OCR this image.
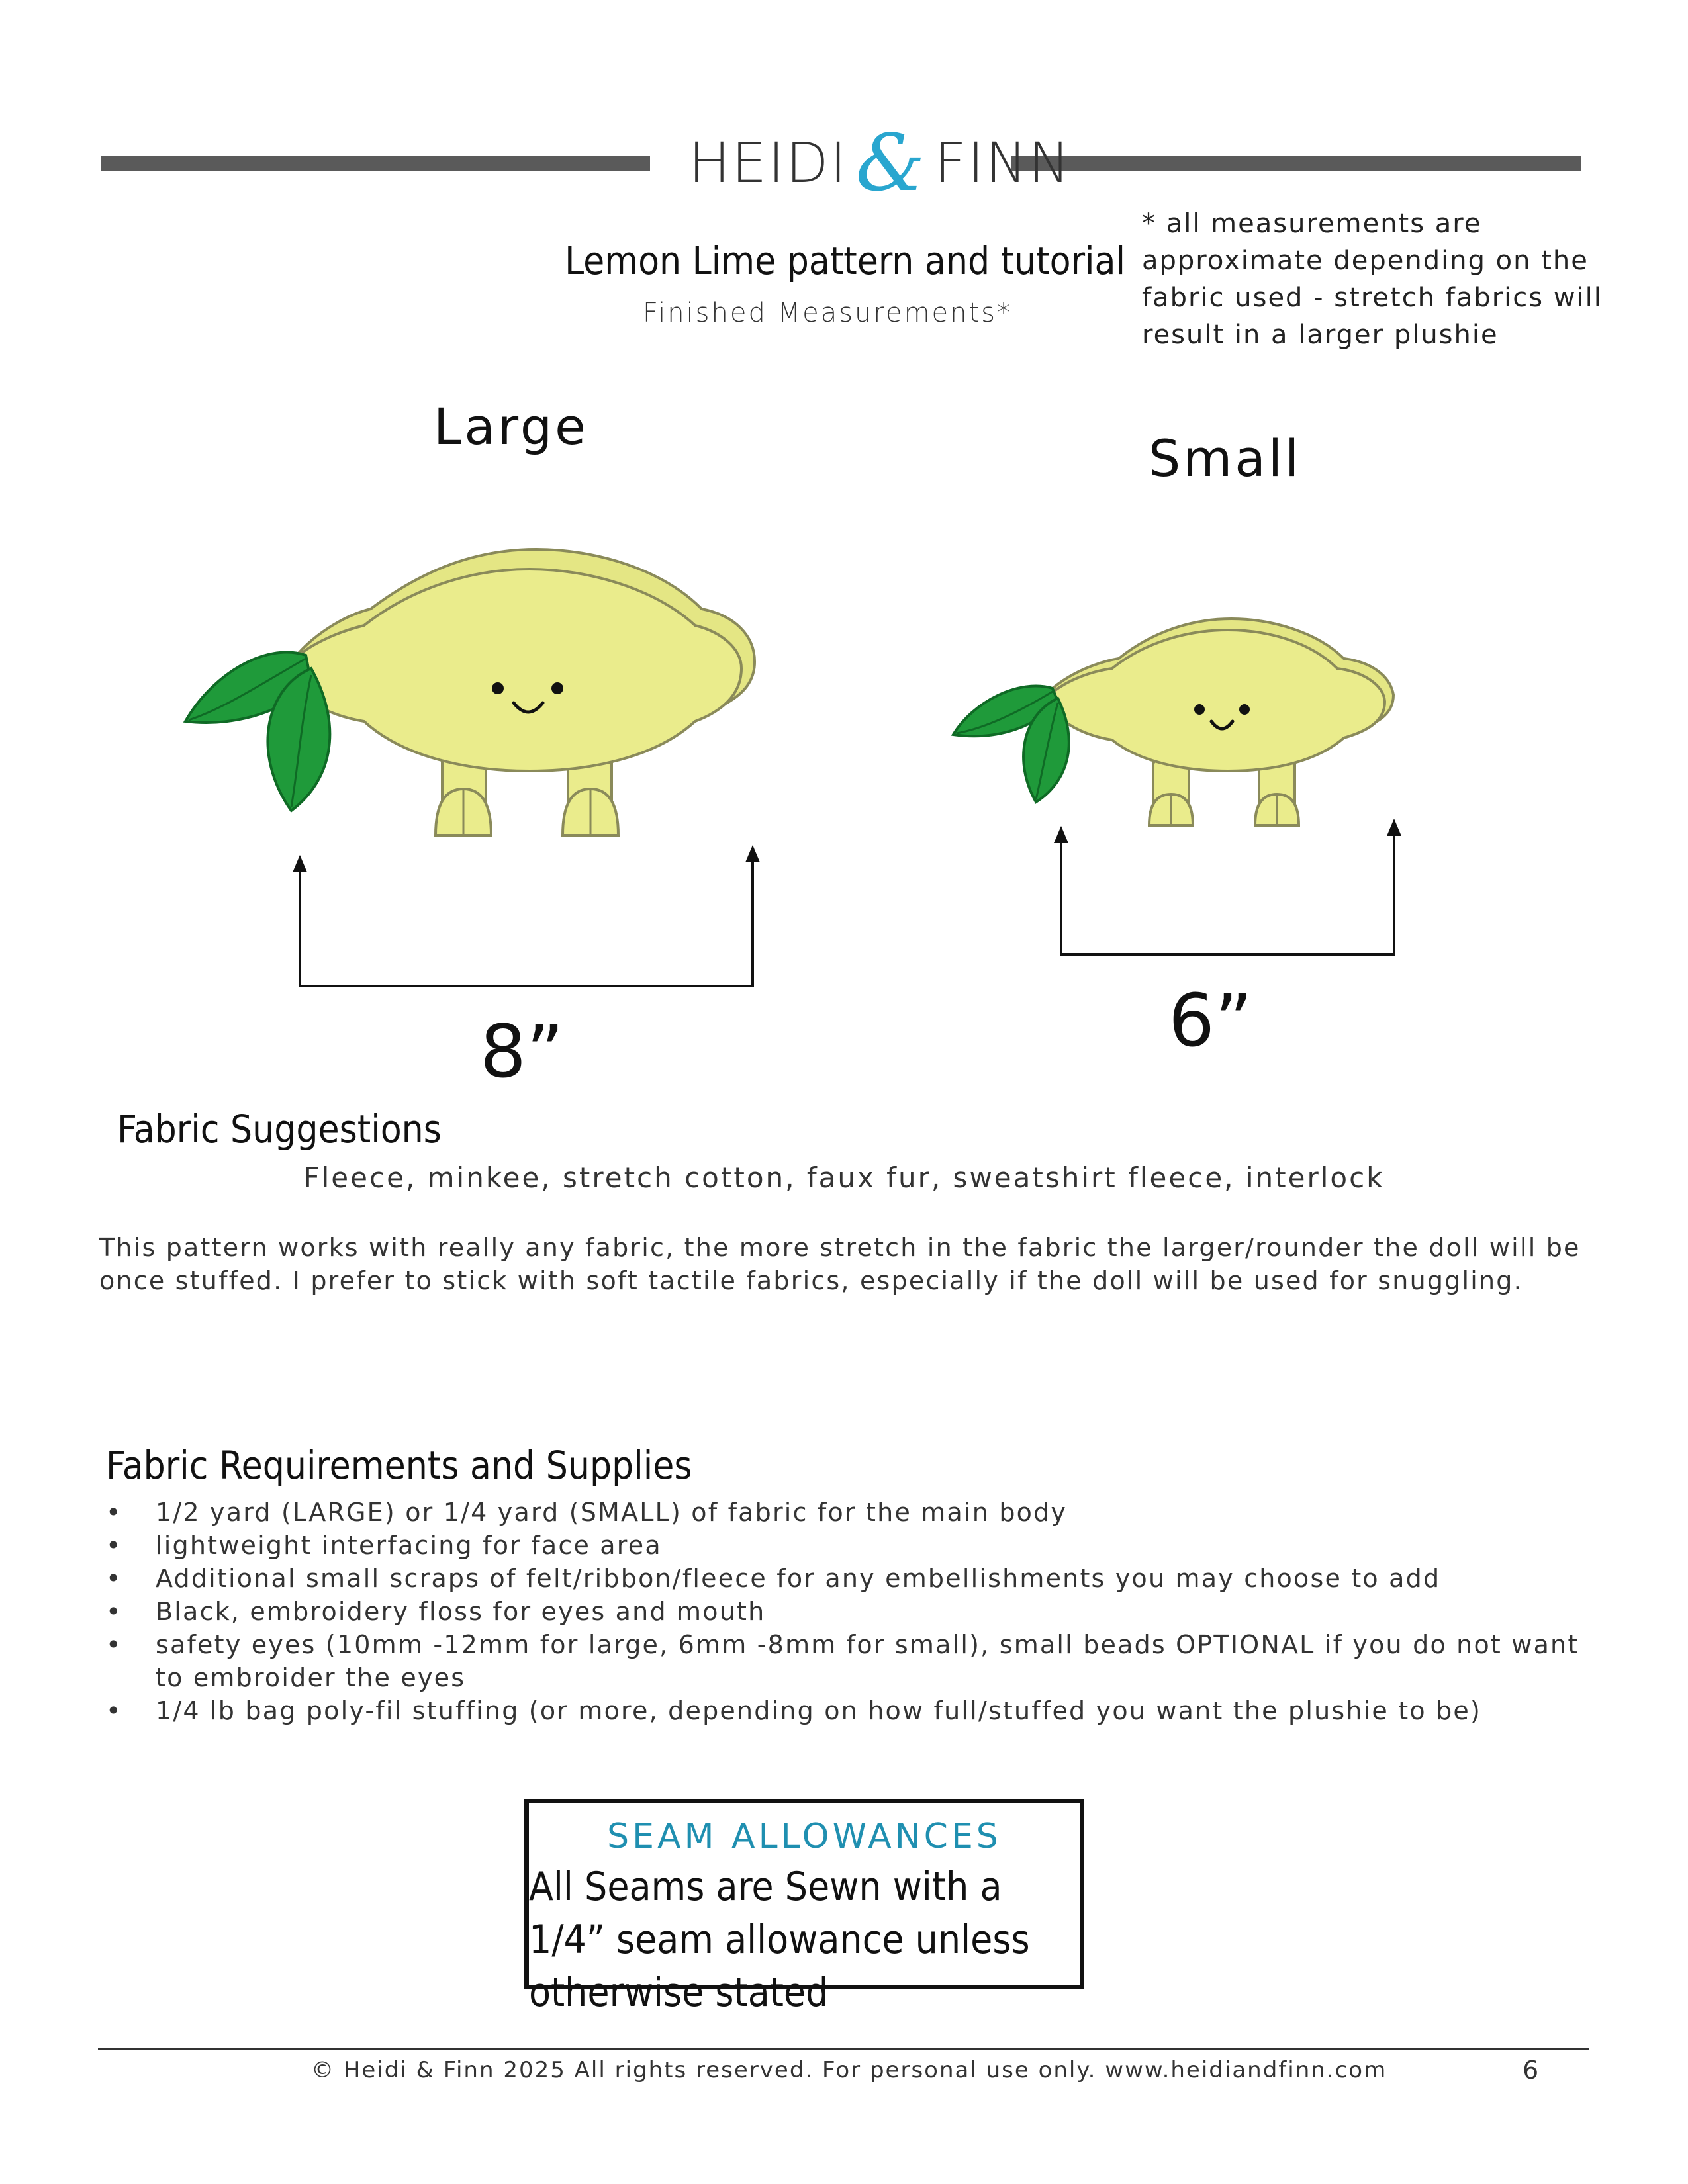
HEIDI & FINN
Lemon Lime pattern and tutorial
Finished Measurements*
* all measurements are approximate depending on the fabric used - stretch fabrics will result in a larger plushie
Large
Small
8”	6”
Fabric Suggestions
Fleece, minkee, stretch cotton, faux fur, sweatshirt fleece, interlock
This pattern works with really any fabric, the more stretch in the fabric the larger/rounder the doll will be once stuffed. I prefer to stick with soft tactile fabrics, especially if the doll will be used for snuggling.
Fabric Requirements and Supplies
• 1/2 yard (LARGE) or 1/4 yard (SMALL) of fabric for the main body
• lightweight interfacing for face area
• Additional small scraps of felt/ribbon/fleece for any embellishments you may choose to add
• Black, embroidery floss for eyes and mouth
• safety eyes (10mm -12mm for large, 6mm -8mm for small), small beads OPTIONAL if you do not want to embroider the eyes
• 1/4 lb bag poly-fil stuffing (or more, depending on how full/stuffed you want the plushie to be)
SEAM ALLOWANCES
All Seams are Sewn with a 1/4” seam allowance unless otherwise stated
© Heidi & Finn 2025 All rights reserved. For personal use only. www.heidiandfinn.com	6
